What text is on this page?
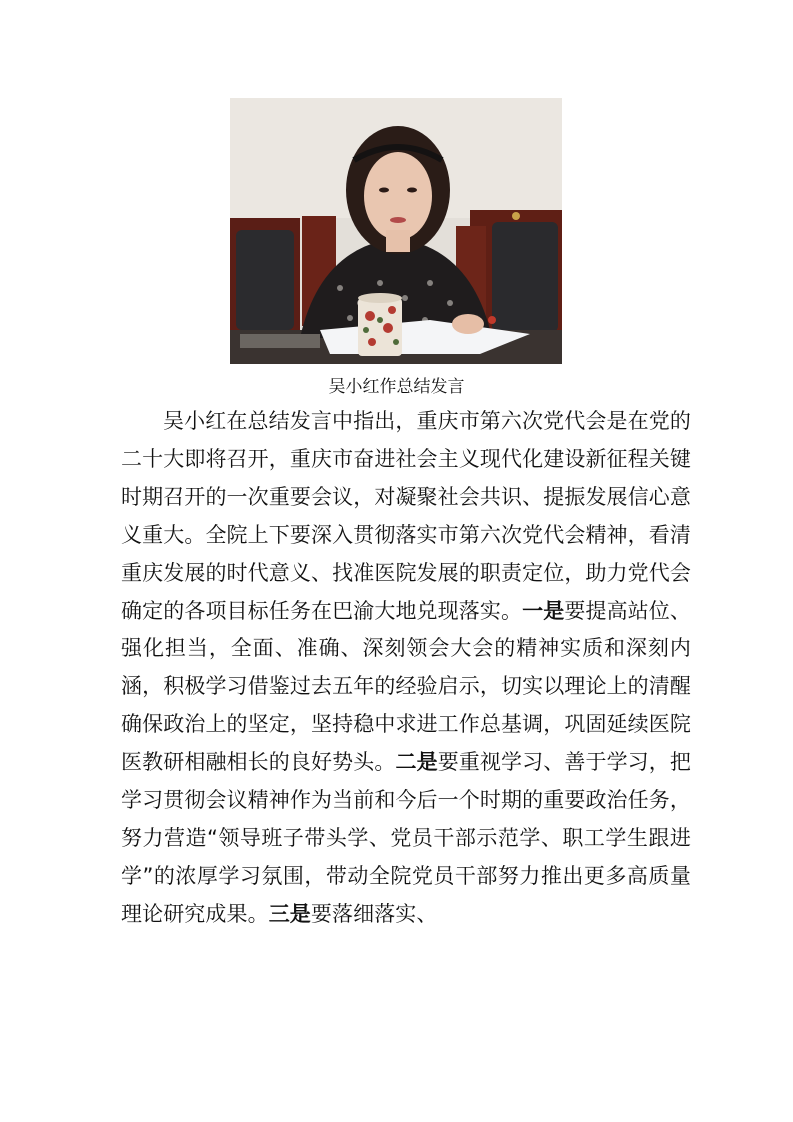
吴小红作总结发言

吴小红在总结发言中指出，重庆市第六次党代会是在党的二十大即将召开，重庆市奋进社会主义现代化建设新征程关键时期召开的一次重要会议，对凝聚社会共识、提振发展信心意义重大。全院上下要深入贯彻落实市第六次党代会精神，看清重庆发展的时代意义、找准医院发展的职责定位，助力党代会确定的各项目标任务在巴渝大地兑现落实。一是要提高站位、强化担当，全面、准确、深刻领会大会的精神实质和深刻内涵，积极学习借鉴过去五年的经验启示，切实以理论上的清醒确保政治上的坚定，坚持稳中求进工作总基调，巩固延续医院医教研相融相长的良好势头。二是要重视学习、善于学习，把学习贯彻会议精神作为当前和今后一个时期的重要政治任务，努力营造“领导班子带头学、党员干部示范学、职工学生跟进学”的浓厚学习氛围，带动全院党员干部努力推出更多高质量理论研究成果。三是要落细落实、
